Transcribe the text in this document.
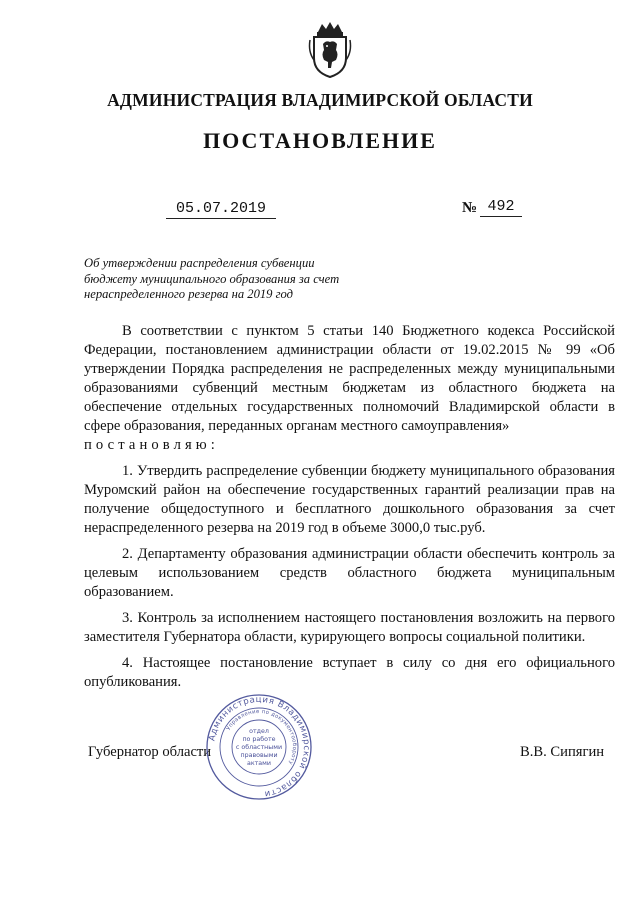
АДМИНИСТРАЦИЯ ВЛАДИМИРСКОЙ ОБЛАСТИ
ПОСТАНОВЛЕНИЕ
05.07.2019	№ 492
Об утверждении распределения субвенции
бюджету муниципального образования за счет
нераспределенного резерва на 2019 год

В соответствии с пунктом 5 статьи 140 Бюджетного кодекса Российской Федерации, постановлением администрации области от 19.02.2015 № 99 «Об утверждении Порядка распределения не распределенных между муниципальными образованиями субвенций местным бюджетам из областного бюджета на обеспечение отдельных государственных полномочий Владимирской области в сфере образования, переданных органам местного самоуправления»
постановляю:

1. Утвердить распределение субвенции бюджету муниципального образования Муромский район на обеспечение государственных гарантий реализации прав на получение общедоступного и бесплатного дошкольного образования за счет нераспределенного резерва на 2019 год в объеме 3000,0 тыс.руб.

2. Департаменту образования администрации области обеспечить контроль за целевым использованием средств областного бюджета муниципальным образованием.

3. Контроль за исполнением настоящего постановления возложить на первого заместителя Губернатора области, курирующего вопросы социальной политики.

4. Настоящее постановление вступает в силу со дня его официального опубликования.

Губернатор области	В.В. Сипягин
Администрация Владимирской области
Управление по документообороту
отдел
по работе
с областными
правовыми
актами
